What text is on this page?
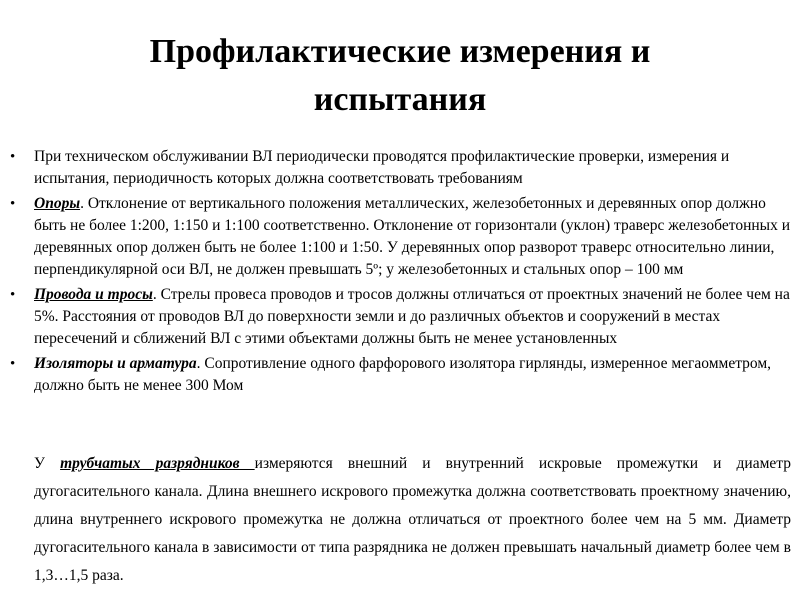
Профилактические измерения и
испытания
• При техническом обслуживании ВЛ периодически проводятся профилактические проверки, измерения и испытания, периодичность которых должна соответствовать требованиям
• Опоры. Отклонение от вертикального положения металлических, железобетонных и деревянных опор должно быть не более 1:200, 1:150 и 1:100 соответственно. Отклонение от горизонтали (уклон) траверс железобетонных и деревянных опор должен быть не более 1:100 и 1:50. У деревянных опор разворот траверс относительно линии, перпендикулярной оси ВЛ, не должен превышать 5º; у железобетонных и стальных опор – 100 мм
• Провода и тросы. Стрелы провеса проводов и тросов должны отличаться от проектных значений не более чем на 5%. Расстояния от проводов ВЛ до поверхности земли и до различных объектов и сооружений в местах пересечений и сближений ВЛ с этими объектами должны быть не менее установленных
• Изоляторы и арматура. Сопротивление одного фарфорового изолятора гирлянды, измеренное мегаомметром, должно быть не менее 300 Мом

У трубчатых разрядников измеряются внешний и внутренний искровые промежутки и диаметр дугогасительного канала. Длина внешнего искрового промежутка должна соответствовать проектному значению, длина внутреннего искрового промежутка не должна отличаться от проектного более чем на 5 мм. Диаметр дугогасительного канала в зависимости от типа разрядника не должен превышать начальный диаметр более чем в 1,3…1,5 раза.
